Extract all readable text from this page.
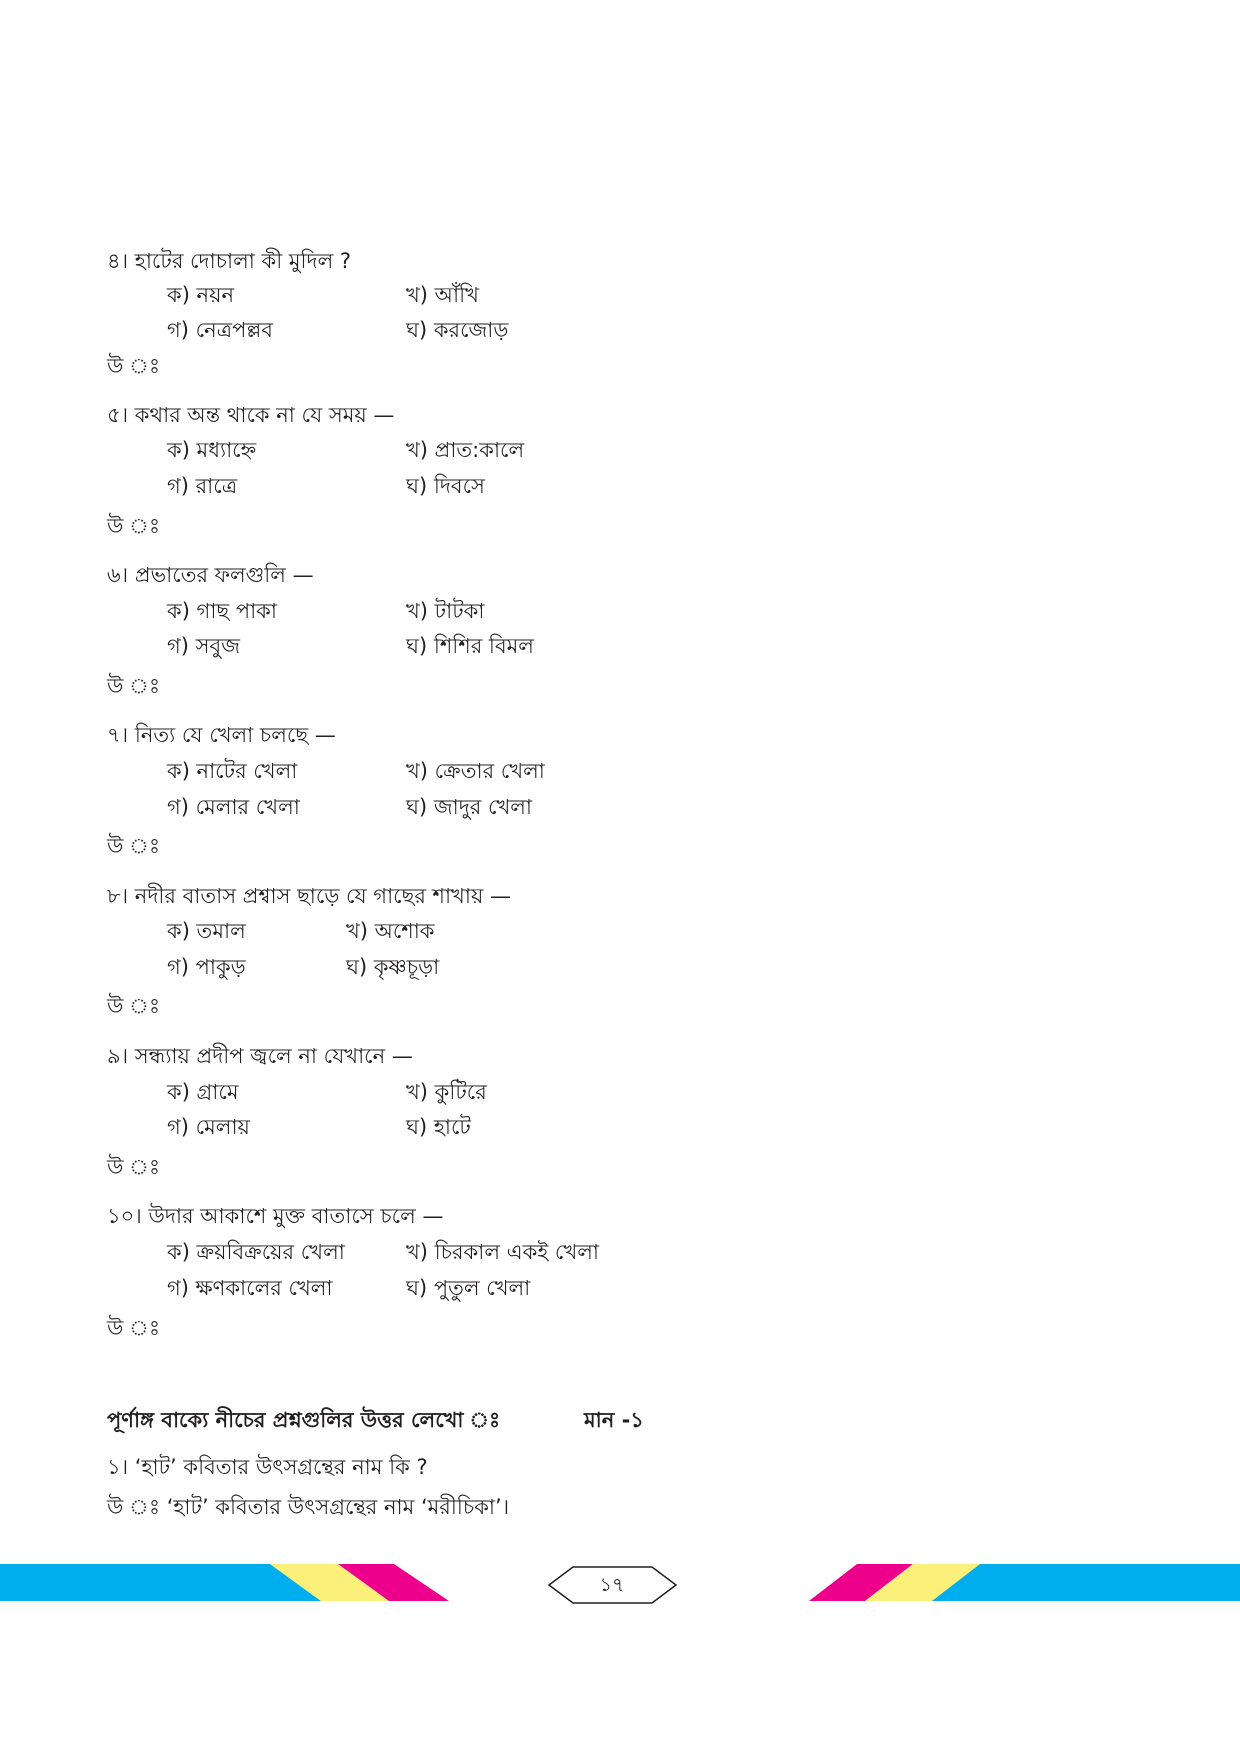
৪। হাটের দোচালা কী মুদিল ?
ক) নয়ন	খ) আঁখি
গ) নেত্রপল্লব	ঘ) করজোড়
উ ঃ
৫। কথার অন্ত থাকে না যে সময় —
ক) মধ্যাহ্নে	খ) প্রাত:কালে
গ) রাত্রে	ঘ) দিবসে
উ ঃ
৬। প্রভাতের ফলগুলি —
ক) গাছ পাকা	খ) টাটকা
গ) সবুজ	ঘ) শিশির বিমল
উ ঃ
৭। নিত্য যে খেলা চলছে —
ক) নাটের খেলা	খ) ক্রেতার খেলা
গ) মেলার খেলা	ঘ) জাদুর খেলা
উ ঃ
৮। নদীর বাতাস প্রশ্বাস ছাড়ে যে গাছের শাখায় —
ক) তমাল	খ) অশোক
গ) পাকুড়	ঘ) কৃষ্ণচূড়া
উ ঃ
৯। সন্ধ্যায় প্রদীপ জ্বলে না যেখানে —
ক) গ্রামে	খ) কুটিরে
গ) মেলায়	ঘ) হাটে
উ ঃ
১০। উদার আকাশে মুক্ত বাতাসে চলে —
ক) ক্রয়বিক্রয়ের খেলা	খ) চিরকাল একই খেলা
গ) ক্ষণকালের খেলা	ঘ) পুতুল খেলা
উ ঃ
পূর্ণাঙ্গ বাক্যে নীচের প্রশ্নগুলির উত্তর লেখো ঃ	মান -১
১। ‘হাট’ কবিতার উৎসগ্রন্থের নাম কি ?
উ ঃ ‘হাট’ কবিতার উৎসগ্রন্থের নাম ‘মরীচিকা’।
১৭
